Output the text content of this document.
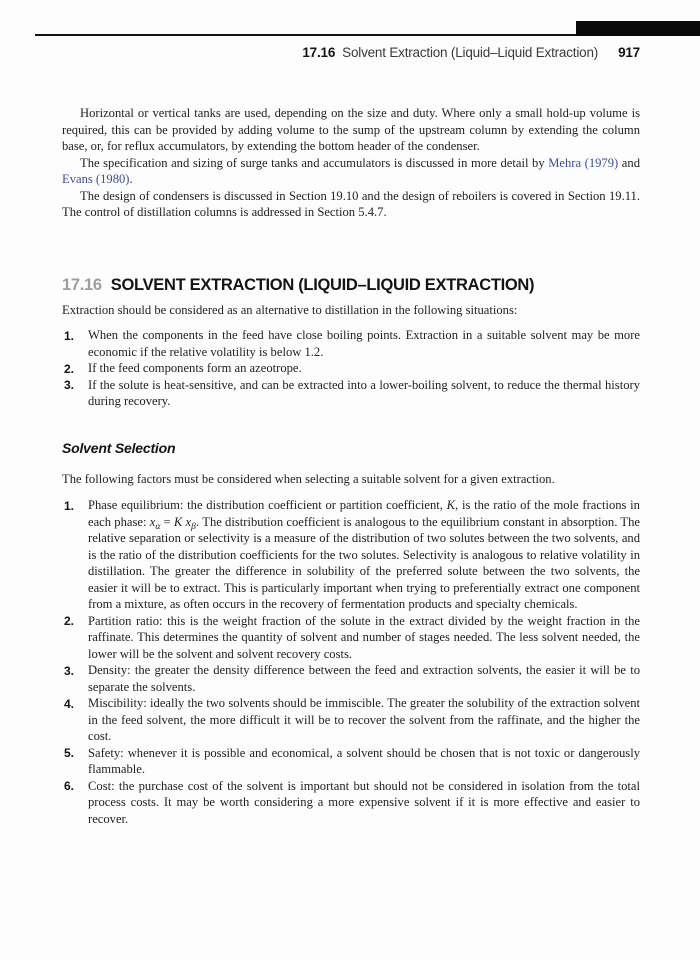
17.16 Solvent Extraction (Liquid–Liquid Extraction) 917

Horizontal or vertical tanks are used, depending on the size and duty. Where only a small hold-up volume is required, this can be provided by adding volume to the sump of the upstream column by extending the column base, or, for reflux accumulators, by extending the bottom header of the condenser.

The specification and sizing of surge tanks and accumulators is discussed in more detail by Mehra (1979) and Evans (1980).

The design of condensers is discussed in Section 19.10 and the design of reboilers is covered in Section 19.11. The control of distillation columns is addressed in Section 5.4.7.

17.16 SOLVENT EXTRACTION (LIQUID–LIQUID EXTRACTION)

Extraction should be considered as an alternative to distillation in the following situations:

1. When the components in the feed have close boiling points. Extraction in a suitable solvent may be more economic if the relative volatility is below 1.2.
2. If the feed components form an azeotrope.
3. If the solute is heat-sensitive, and can be extracted into a lower-boiling solvent, to reduce the thermal history during recovery.
Solvent Selection

The following factors must be considered when selecting a suitable solvent for a given extraction.

1. Phase equilibrium: the distribution coefficient or partition coefficient, K, is the ratio of the mole fractions in each phase: $x_\alpha = K$ $x_\beta$. The distribution coefficient is analogous to the equilibrium constant in absorption. The relative separation or selectivity is a measure of the distribution of two solutes between the two solvents, and is the ratio of the distribution coefficients for the two solutes. Selectivity is analogous to relative volatility in distillation. The greater the difference in solubility of the preferred solute between the two solvents, the easier it will be to extract. This is particularly important when trying to preferentially extract one component from a mixture, as often occurs in the recovery of fermentation products and specialty chemicals.
2. Partition ratio: this is the weight fraction of the solute in the extract divided by the weight fraction in the raffinate. This determines the quantity of solvent and number of stages needed. The less solvent needed, the lower will be the solvent and solvent recovery costs.
3. Density: the greater the density difference between the feed and extraction solvents, the easier it will be to separate the solvents.
4. Miscibility: ideally the two solvents should be immiscible. The greater the solubility of the extraction solvent in the feed solvent, the more difficult it will be to recover the solvent from the raffinate, and the higher the cost.
5. Safety: whenever it is possible and economical, a solvent should be chosen that is not toxic or dangerously flammable.
6. Cost: the purchase cost of the solvent is important but should not be considered in isolation from the total process costs. It may be worth considering a more expensive solvent if it is more effective and easier to recover.
